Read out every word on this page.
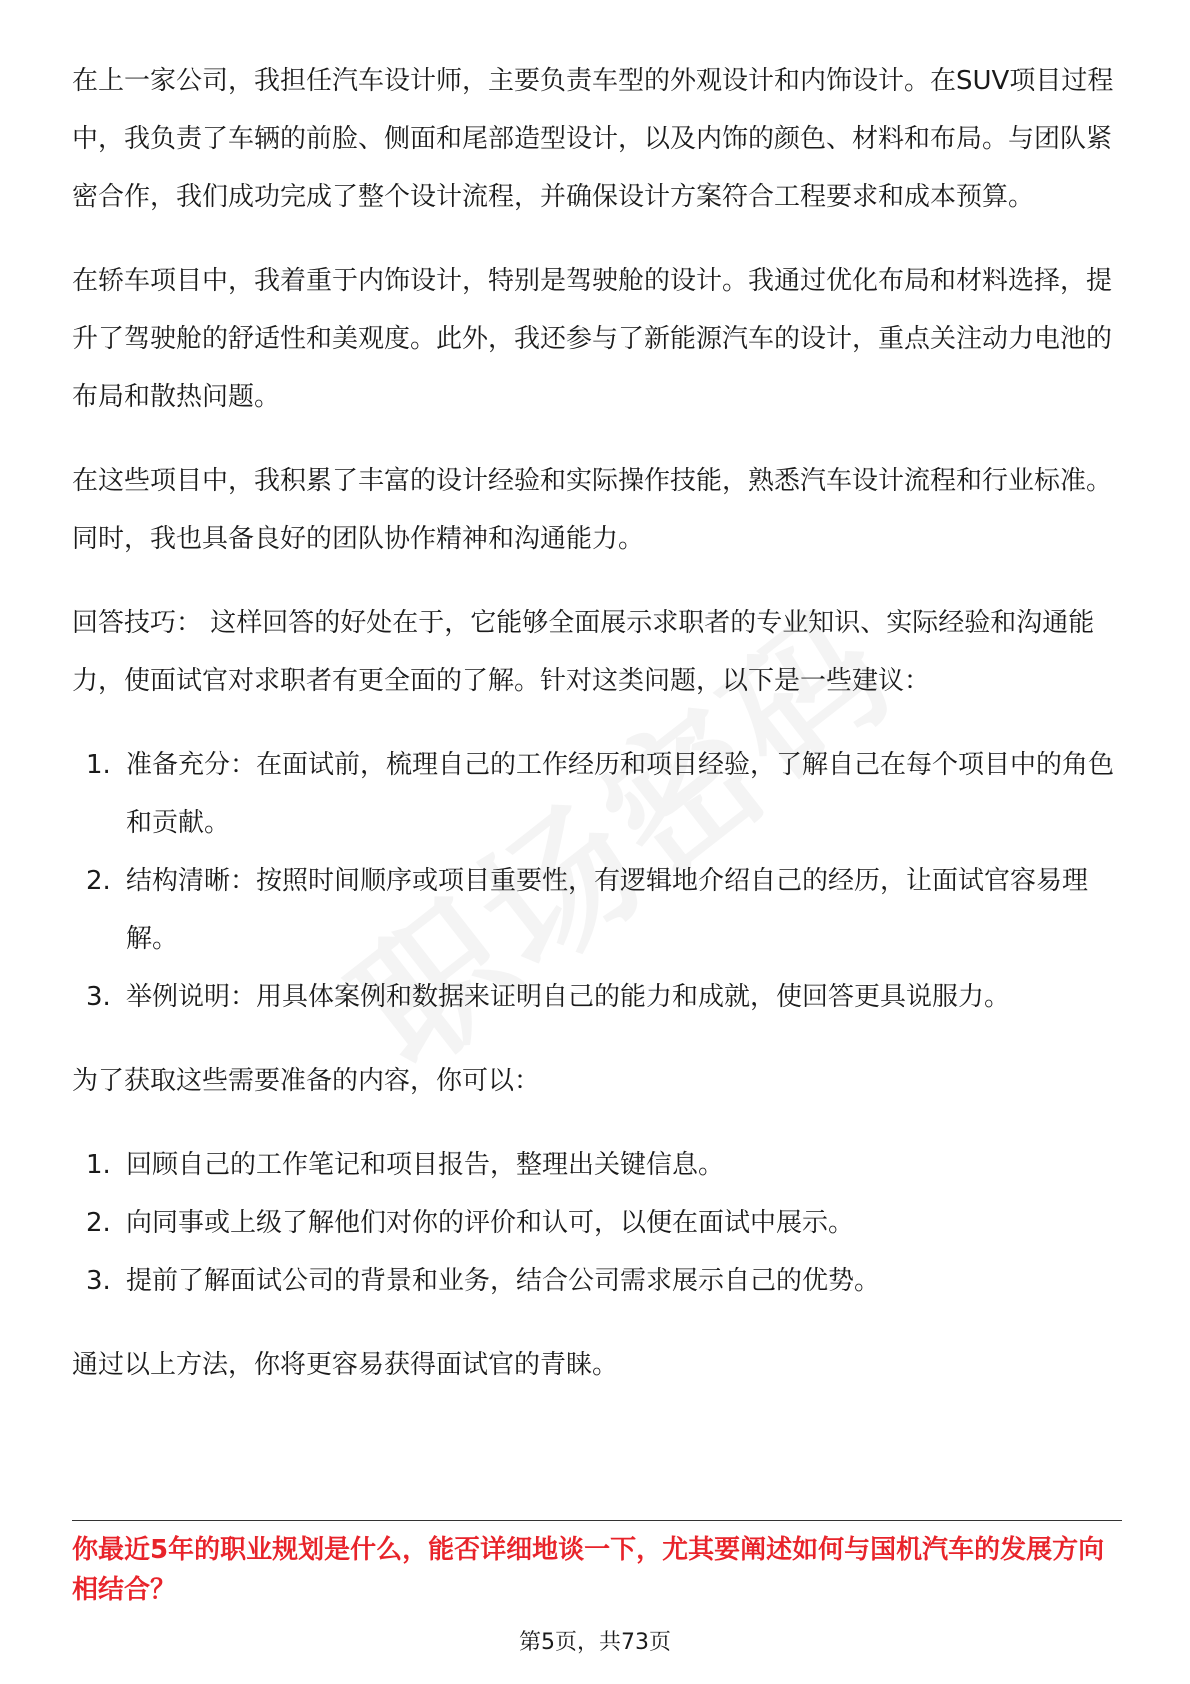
在上一家公司，我担任汽车设计师，主要负责车型的外观设计和内饰设计。在SUV项目过程中，我负责了车辆的前脸、侧面和尾部造型设计，以及内饰的颜色、材料和布局。与团队紧密合作，我们成功完成了整个设计流程，并确保设计方案符合工程要求和成本预算。

在轿车项目中，我着重于内饰设计，特别是驾驶舱的设计。我通过优化布局和材料选择，提升了驾驶舱的舒适性和美观度。此外，我还参与了新能源汽车的设计，重点关注动力电池的布局和散热问题。

在这些项目中，我积累了丰富的设计经验和实际操作技能，熟悉汽车设计流程和行业标准。同时，我也具备良好的团队协作精神和沟通能力。

回答技巧： 这样回答的好处在于，它能够全面展示求职者的专业知识、实际经验和沟通能力，使面试官对求职者有更全面的了解。针对这类问题，以下是一些建议：

1. 准备充分：在面试前，梳理自己的工作经历和项目经验，了解自己在每个项目中的角色和贡献。
2. 结构清晰：按照时间顺序或项目重要性，有逻辑地介绍自己的经历，让面试官容易理解。
3. 举例说明：用具体案例和数据来证明自己的能力和成就，使回答更具说服力。

为了获取这些需要准备的内容，你可以：

1. 回顾自己的工作笔记和项目报告，整理出关键信息。
2. 向同事或上级了解他们对你的评价和认可，以便在面试中展示。
3. 提前了解面试公司的背景和业务，结合公司需求展示自己的优势。

通过以上方法，你将更容易获得面试官的青睐。

你最近5年的职业规划是什么，能否详细地谈一下，尤其要阐述如何与国机汽车的发展方向相结合？
第5页，共73页
